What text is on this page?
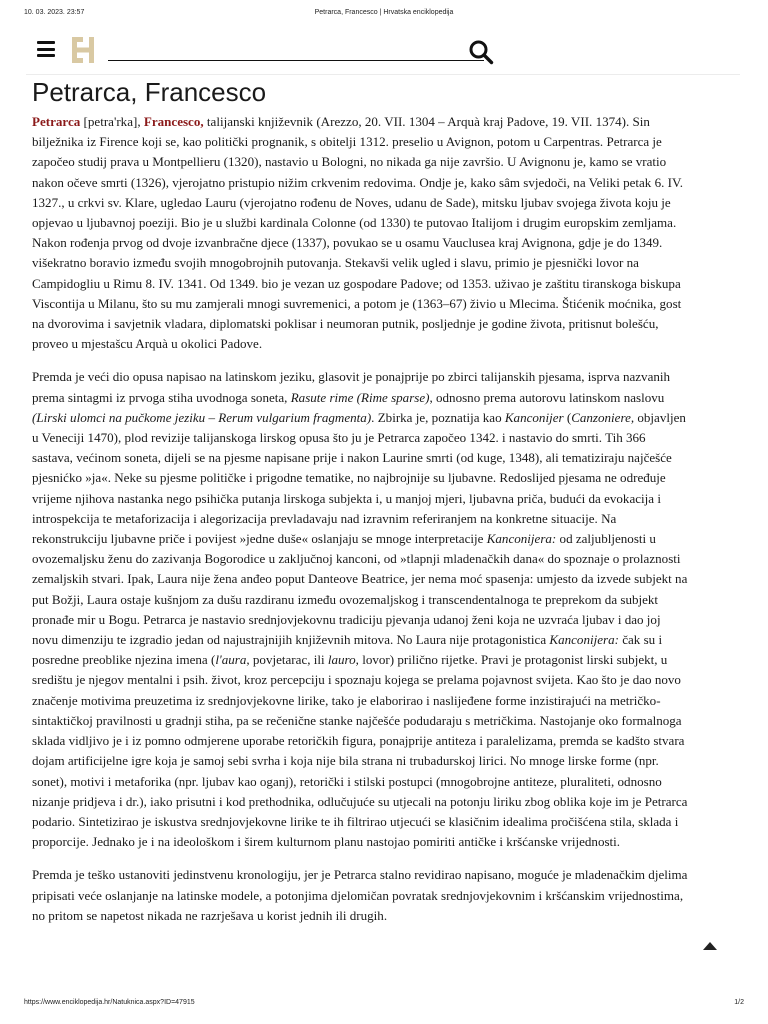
10. 03. 2023. 23:57	Petrarca, Francesco | Hrvatska enciklopedija
Petrarca, Francesco

Petrarca [petra'rka], Francesco, talijanski književnik (Arezzo, 20. VII. 1304 – Arquà kraj Padove, 19. VII. 1374). Sin bilježnika iz Firence koji se, kao politički prognanik, s obitelji 1312. preselio u Avignon, potom u Carpentras. Petrarca je započeo studij prava u Montpellieru (1320), nastavio u Bologni, no nikada ga nije završio. U Avignonu je, kamo se vratio nakon očeve smrti (1326), vjerojatno pristupio nižim crkvenim redovima. Ondje je, kako sâm svjedoči, na Veliki petak 6. IV. 1327., u crkvi sv. Klare, ugledao Lauru (vjerojatno rođenu de Noves, udanu de Sade), mitsku ljubav svojega života koju je opjevao u ljubavnoj poeziji. Bio je u službi kardinala Colonne (od 1330) te putovao Italijom i drugim europskim zemljama. Nakon rođenja prvog od dvoje izvanbračne djece (1337), povukao se u osamu Vauclusea kraj Avignona, gdje je do 1349. višekratno boravio između svojih mnogobrojnih putovanja. Stekavši velik ugled i slavu, primio je pjesnički lovor na Campidogliu u Rimu 8. IV. 1341. Od 1349. bio je vezan uz gospodare Padove; od 1353. uživao je zaštitu tiranskoga biskupa Viscontija u Milanu, što su mu zamjerali mnogi suvremenici, a potom je (1363–67) živio u Mlecima. Štićenik moćnika, gost na dvorovima i savjetnik vladara, diplomatski poklisar i neumoran putnik, posljednje je godine života, pritisnut bolešću, proveo u mjestašcu Arquà u okolici Padove.

Premda je veći dio opusa napisao na latinskom jeziku, glasovit je ponajprije po zbirci talijanskih pjesama, isprva nazvanih prema sintagmi iz prvoga stiha uvodnoga soneta, Rasute rime (Rime sparse), odnosno prema autorovu latinskom naslovu (Lirski ulomci na pučkome jeziku – Rerum vulgarium fragmenta). Zbirka je, poznatija kao Kanconijer (Canzoniere, objavljen u Veneciji 1470), plod revizije talijanskoga lirskog opusa što ju je Petrarca započeo 1342. i nastavio do smrti. Tih 366 sastava, većinom soneta, dijeli se na pjesme napisane prije i nakon Laurine smrti (od kuge, 1348), ali tematiziraju najčešće pjesnićko »ja«. Neke su pjesme političke i prigodne tematike, no najbrojnije su ljubavne. Redoslijed pjesama ne određuje vrijeme njihova nastanka nego psihička putanja lirskoga subjekta i, u manjoj mjeri, ljubavna priča, budući da evokacija i introspekcija te metaforizacija i alegorizacija prevladavaju nad izravnim referiranjem na konkretne situacije. Na rekonstrukciju ljubavne priče i povijest »jedne duše« oslanjaju se mnoge interpretacije Kanconijera: od zaljubljenosti u ovozemaljsku ženu do zazivanja Bogorodice u zaključnoj kanconi, od »tlapnji mladenačkih dana« do spoznaje o prolaznosti zemaljskih stvari. Ipak, Laura nije žena anđeo poput Danteove Beatrice, jer nema moć spasenja: umjesto da izvede subjekt na put Božji, Laura ostaje kušnjom za dušu razdiranu između ovozemaljskog i transcendentalnoga te preprekom da subjekt pronađe mir u Bogu. Petrarca je nastavio srednjovjekovnu tradiciju pjevanja udanoj ženi koja ne uzvraća ljubav i dao joj novu dimenziju te izgradio jedan od najustrajnijih književnih mitova. No Laura nije protagonistica Kanconijera: čak su i posredne preoblike njezina imena (l'aura, povjetarac, ili lauro, lovor) prilično rijetke. Pravi je protagonist lirski subjekt, u središtu je njegov mentalni i psih. život, kroz percepciju i spoznaju kojega se prelama pojavnost svijeta. Kao što je dao novo značenje motivima preuzetima iz srednjovjekovne lirike, tako je elaborirao i naslijeđene forme inzistirajući na metričko-sintaktičkoj pravilnosti u gradnji stiha, pa se rečenične stanke najčešće podudaraju s metričkima. Nastojanje oko formalnoga sklada vidljivo je i iz pomno odmjerene uporabe retoričkih figura, ponajprije antiteza i paralelizama, premda se kadšto stvara dojam artificijelne igre koja je samoj sebi svrha i koja nije bila strana ni trubadurskoj lirici. No mnoge lirske forme (npr. sonet), motivi i metaforika (npr. ljubav kao oganj), retorički i stilski postupci (mnogobrojne antiteze, pluraliteti, odnosno nizanje pridjeva i dr.), iako prisutni i kod prethodnika, odlučujuće su utjecali na potonju liriku zbog oblika koje im je Petrarca podario. Sintetizirao je iskustva srednjovjekovne lirike te ih filtrirao utjecući se klasičnim idealima pročišćena stila, sklada i proporcije. Jednako je i na ideološkom i širem kulturnom planu nastojao pomiriti antičke i kršćanske vrijednosti.

Premda je teško ustanoviti jedinstvenu kronologiju, jer je Petrarca stalno revidirao napisano, moguće je mladenačkim djelima pripisati veće oslanjanje na latinske modele, a potonjima djelomičan povratak srednjovjekovnim i kršćanskim vrijednostima, no pritom se napetost nikada ne razrješava u korist jednih ili drugih.

https://www.enciklopedija.hr/Natuknica.aspx?ID=47915	1/2
